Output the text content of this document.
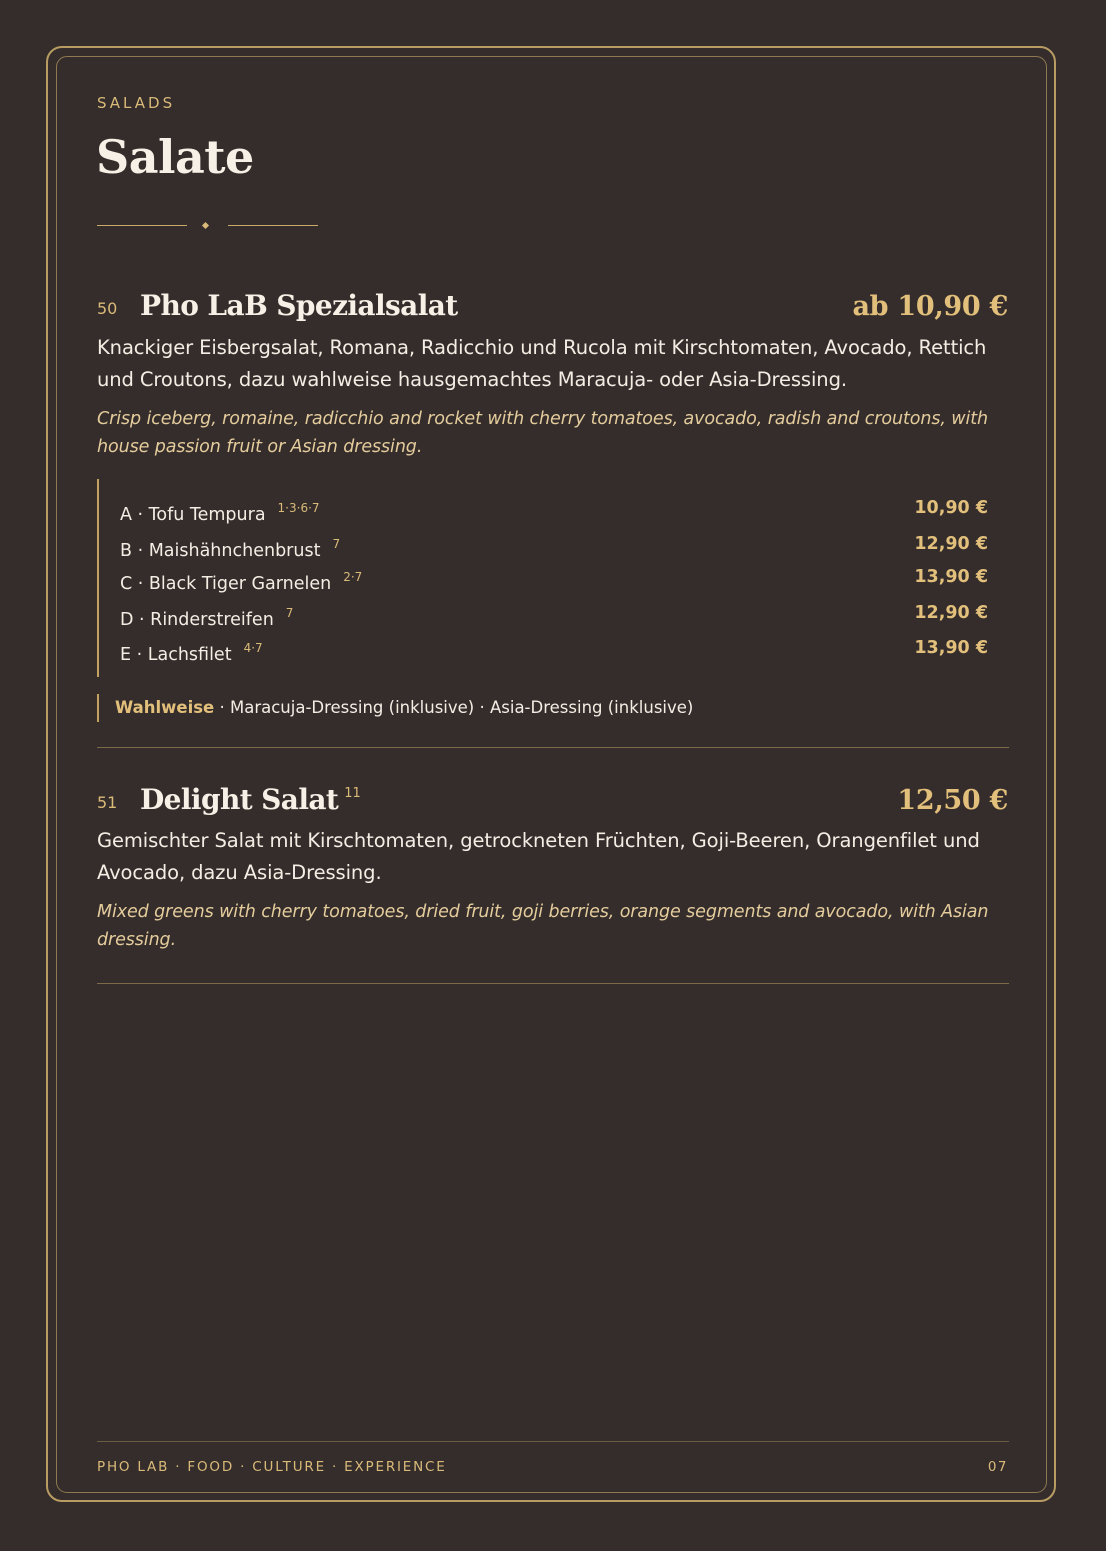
SALADS
Salate
50 Pho LaB Spezialsalat	ab 10,90 €
Knackiger Eisbergsalat, Romana, Radicchio und Rucola mit Kirschtomaten, Avocado, Rettich und Croutons, dazu wahlweise hausgemachtes Maracuja- oder Asia-Dressing.
Crisp iceberg, romaine, radicchio and rocket with cherry tomatoes, avocado, radish and croutons, with house passion fruit or Asian dressing.
A · Tofu Tempura $^{1\cdot 3\cdot 6\cdot 7}$	10,90 €
B · Maishähnchenbrust $^7$	12,90 €
C · Black Tiger Garnelen $^{2\cdot 7}$	13,90 €
D · Rinderstreifen $^7$	12,90 €
E · Lachsfilet $^{4\cdot 7}$	13,90 €
Wahlweise · Maracuja-Dressing (inklusive) · Asia-Dressing (inklusive)
51 Delight Salat $^{11}$	12,50 €
Gemischter Salat mit Kirschtomaten, getrockneten Früchten, Goji-Beeren, Orangenfilet und Avocado, dazu Asia-Dressing.
Mixed greens with cherry tomatoes, dried fruit, goji berries, orange segments and avocado, with Asian dressing.
PHO LAB · FOOD · CULTURE · EXPERIENCE	07
